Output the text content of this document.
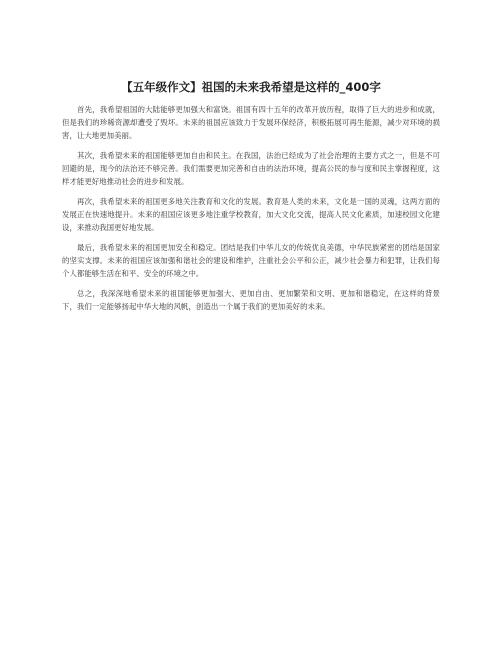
【五年级作文】祖国的未来我希望是这样的_400字

首先，我希望祖国的大陆能够更加强大和富饶。祖国有四十五年的改革开放历程，取得了巨大的进步和成就，但是我们的珍稀资源却遭受了毁坏。未来的祖国应该致力于发展环保经济，积极拓展可再生能源，减少对环境的损害，让大地更加美丽。

其次，我希望未来的祖国能够更加自由和民主。在我国，法治已经成为了社会治理的主要方式之一，但是不可回避的是，现今的法治还不够完善。我们需要更加完善和自由的法治环境，提高公民的参与度和民主掌握程度，这样才能更好地推动社会的进步和发展。

再次，我希望未来的祖国更多地关注教育和文化的发展。教育是人类的未来，文化是一国的灵魂，这两方面的发展正在快速地提升。未来的祖国应该更多地注重学校教育，加大文化交流，提高人民文化素质，加速校园文化建设，来推动我国更好地发展。

最后，我希望未来的祖国更加安全和稳定。团结是我们中华儿女的传统优良美德，中华民族紧密的团结是国家的坚实支撑。未来的祖国应该加强和谐社会的建设和维护，注重社会公平和公正，减少社会暴力和犯罪，让我们每个人都能够生活在和平、安全的环境之中。

总之，我深深地希望未来的祖国能够更加强大、更加自由、更加繁荣和文明、更加和谐稳定，在这样的背景下，我们一定能够扬起中华大地的风帆，创造出一个属于我们的更加美好的未来。
